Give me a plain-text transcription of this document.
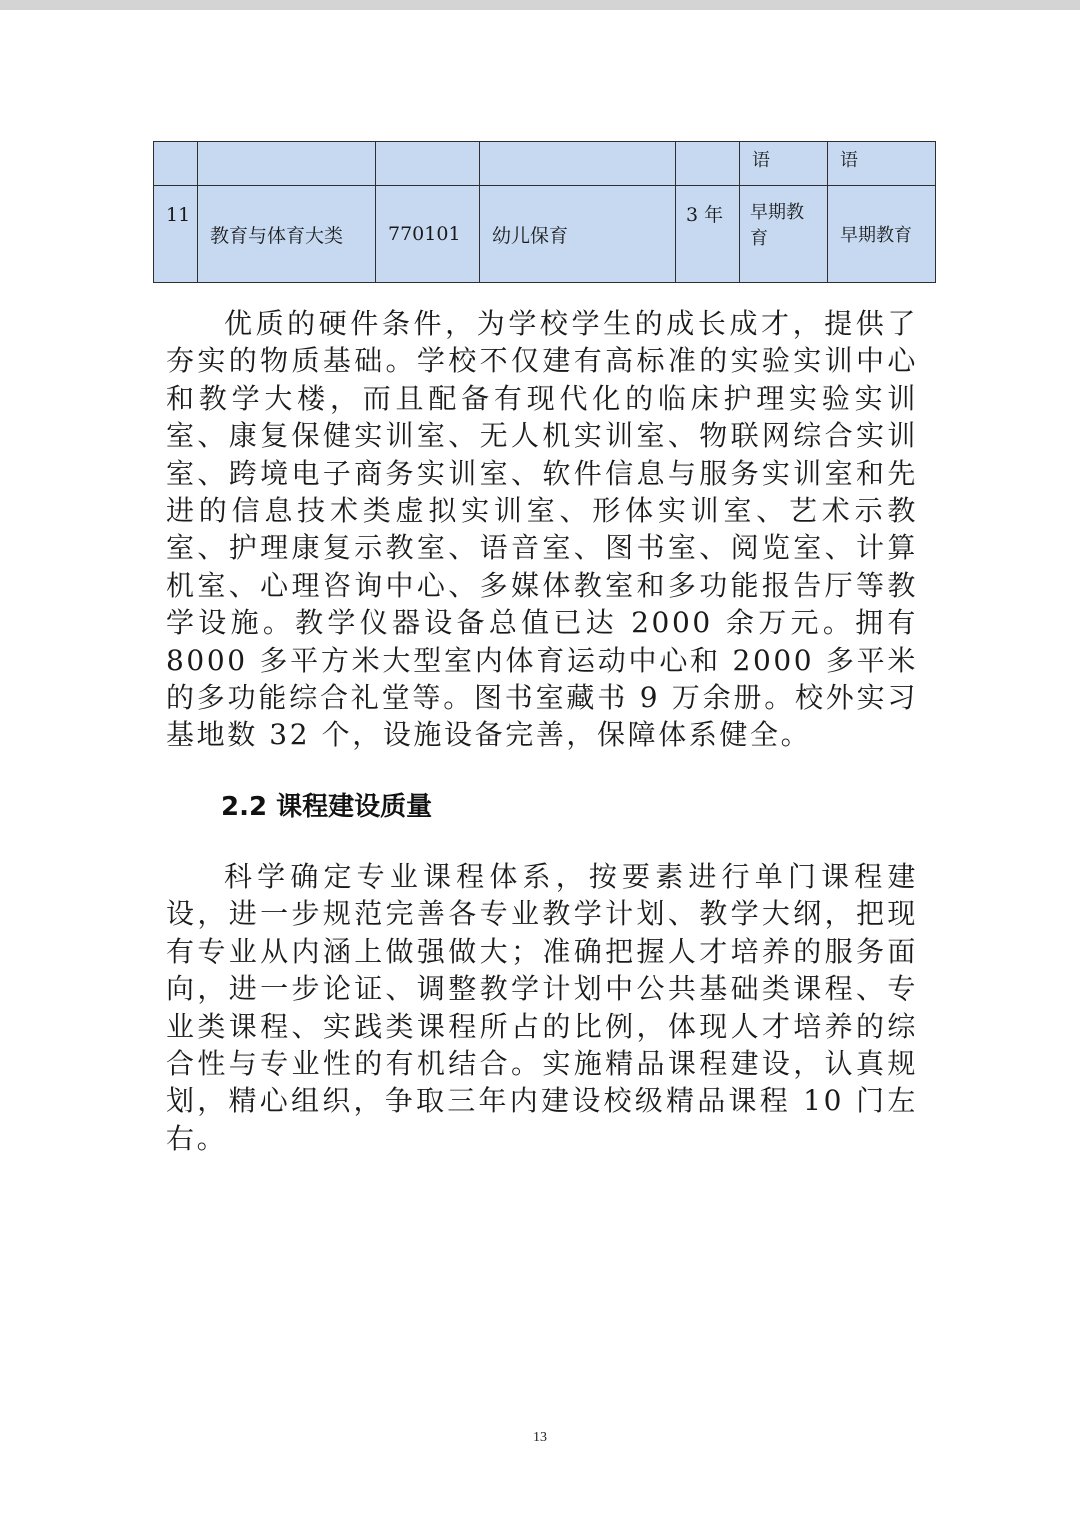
					语	语
11	教育与体育大类	770101	幼儿保育	3 年	早期教育	早期教育

优质的硬件条件，为学校学生的成长成才，提供了夯实的物质基础。学校不仅建有高标准的实验实训中心和教学大楼，而且配备有现代化的临床护理实验实训室、康复保健实训室、无人机实训室、物联网综合实训室、跨境电子商务实训室、软件信息与服务实训室和先进的信息技术类虚拟实训室、形体实训室、艺术示教室、护理康复示教室、语音室、图书室、阅览室、计算机室、心理咨询中心、多媒体教室和多功能报告厅等教学设施。教学仪器设备总值已达 2000 余万元。拥有 8000 多平方米大型室内体育运动中心和 2000 多平米的多功能综合礼堂等。图书室藏书 9 万余册。校外实习基地数 32 个，设施设备完善，保障体系健全。

2.2 课程建设质量

科学确定专业课程体系，按要素进行单门课程建设，进一步规范完善各专业教学计划、教学大纲，把现有专业从内涵上做强做大；准确把握人才培养的服务面向，进一步论证、调整教学计划中公共基础类课程、专业类课程、实践类课程所占的比例，体现人才培养的综合性与专业性的有机结合。实施精品课程建设，认真规划，精心组织，争取三年内建设校级精品课程 10 门左右。

13
